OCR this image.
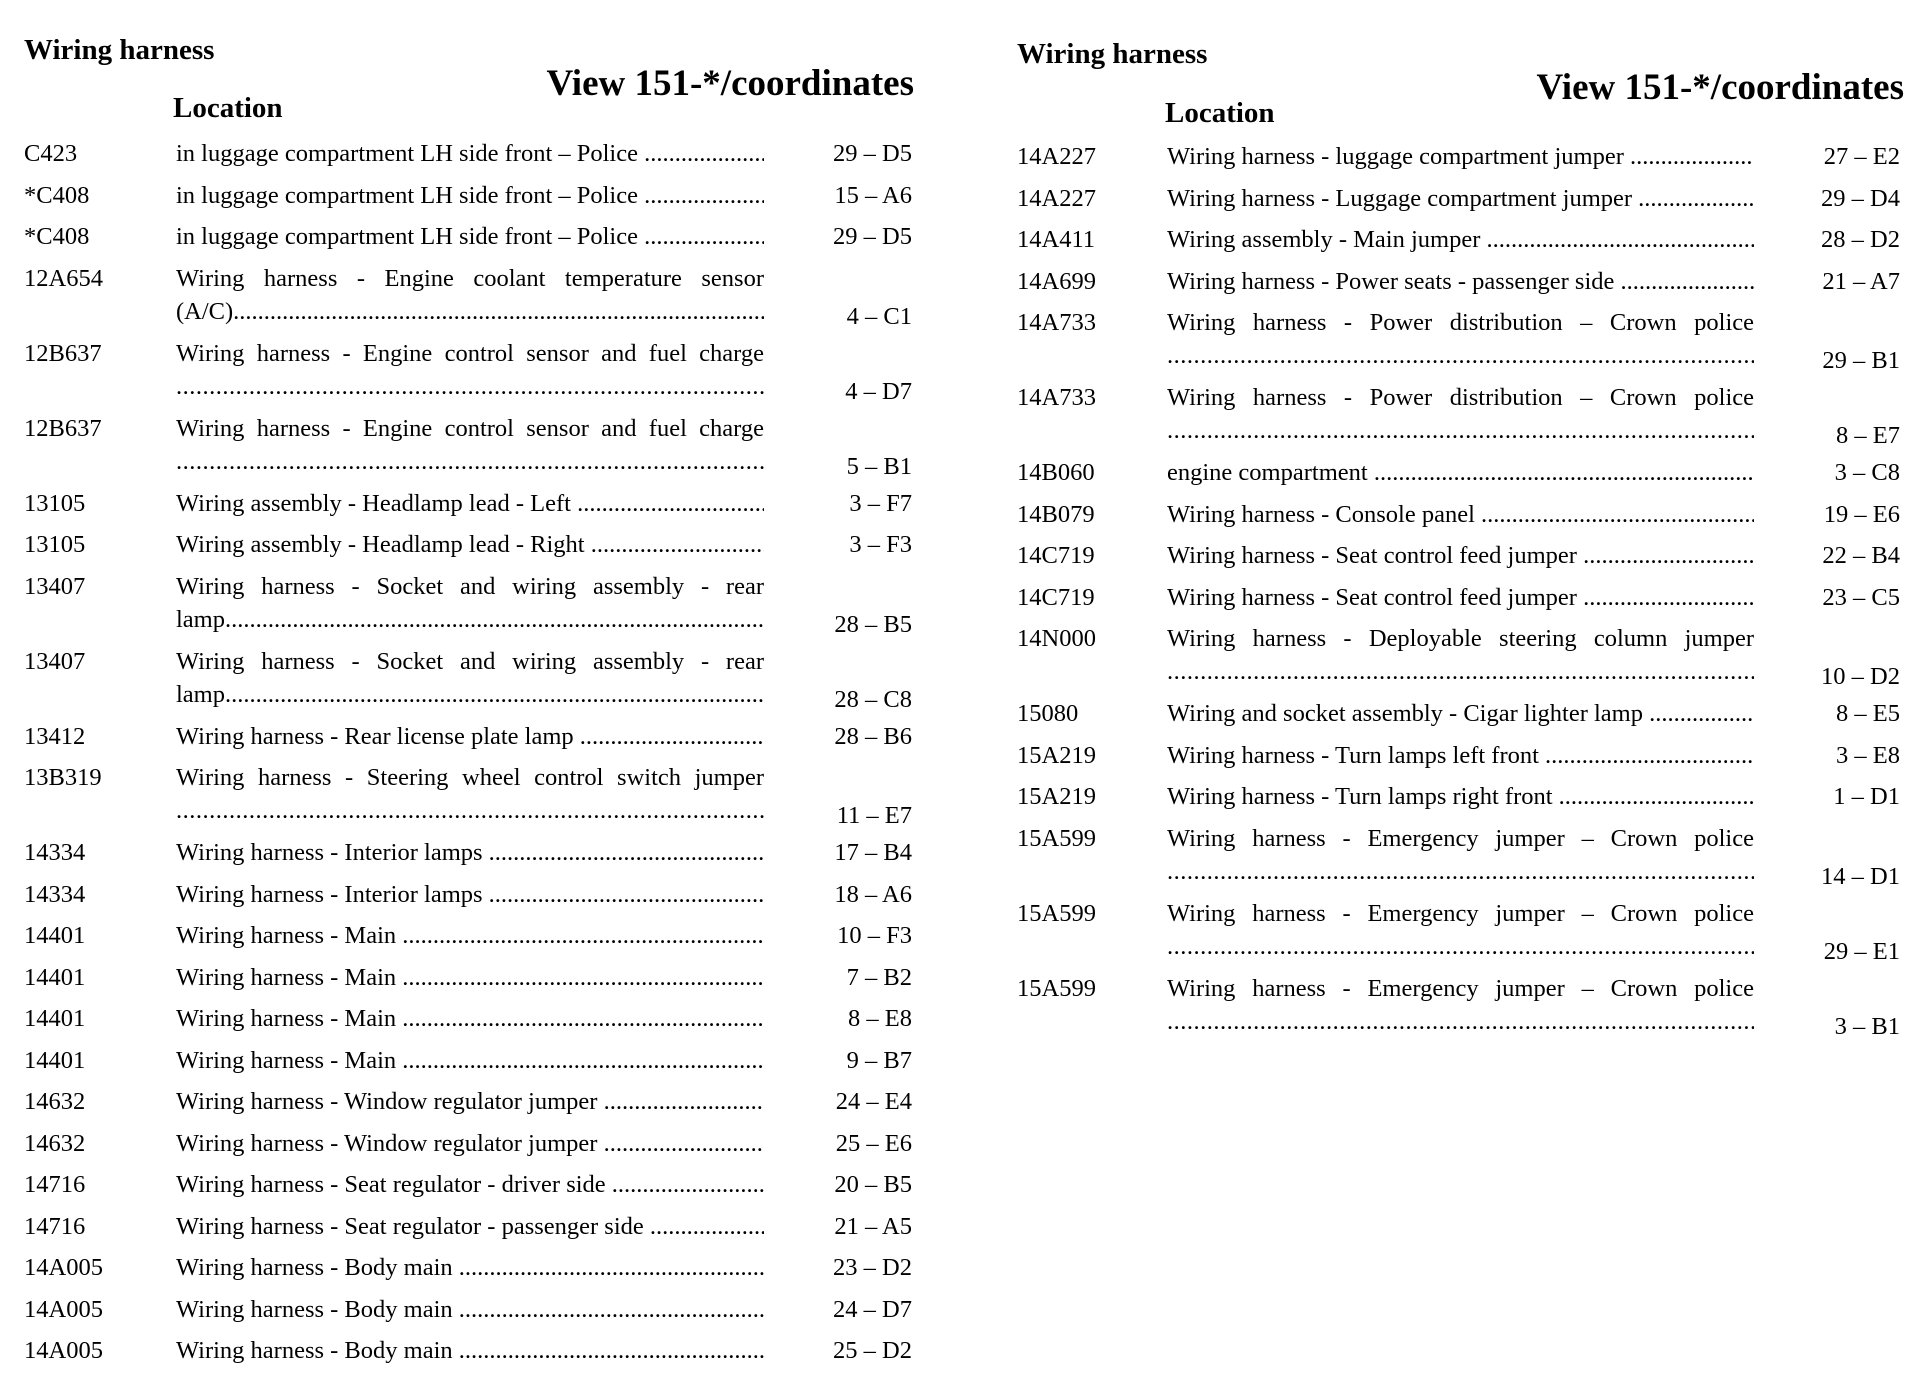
Wiring harness
View 151-*/coordinates
Location
C423	in luggage compartment LH side front – Police .....	29 – D5
*C408	in luggage compartment LH side front – Police .....	15 – A6
*C408	in luggage compartment LH side front – Police .....	29 – D5
12A654	Wiring harness - Engine coolant temperature sensor
(A/C) .....	4 – C1
12B637	Wiring harness - Engine control sensor and fuel charge
.....
4 – D7
12B637	Wiring harness - Engine control sensor and fuel charge
.....
5 – B1
13105	Wiring assembly - Headlamp lead - Left .....	3 – F7
13105	Wiring assembly - Headlamp lead - Right .....	3 – F3
13407	Wiring harness - Socket and wiring assembly - rear
lamp .....	28 – B5
13407	Wiring harness - Socket and wiring assembly - rear
lamp .....	28 – C8
13412	Wiring harness - Rear license plate lamp .....	28 – B6
13B319	Wiring harness - Steering wheel control switch jumper
.....
11 – E7
14334	Wiring harness - Interior lamps .....	17 – B4
14334	Wiring harness - Interior lamps .....	18 – A6
14401	Wiring harness - Main .....	10 – F3
14401	Wiring harness - Main .....	7 – B2
14401	Wiring harness - Main .....	8 – E8
14401	Wiring harness - Main .....	9 – B7
14632	Wiring harness - Window regulator jumper .....	24 – E4
14632	Wiring harness - Window regulator jumper .....	25 – E6
14716	Wiring harness - Seat regulator - driver side .....	20 – B5
14716	Wiring harness - Seat regulator - passenger side .....	21 – A5
14A005	Wiring harness - Body main .....	23 – D2
14A005	Wiring harness - Body main .....	24 – D7
14A005	Wiring harness - Body main .....	25 – D2
Wiring harness
View 151-*/coordinates
Location
14A227	Wiring harness - luggage compartment jumper .....	27 – E2
14A227	Wiring harness - Luggage compartment jumper .....	29 – D4
14A411	Wiring assembly - Main jumper .....	28 – D2
14A699	Wiring harness - Power seats - passenger side .....	21 – A7
14A733	Wiring harness - Power distribution – Crown police
.....
29 – B1
14A733	Wiring harness - Power distribution – Crown police
.....
8 – E7
14B060	engine compartment .....	3 – C8
14B079	Wiring harness - Console panel .....	19 – E6
14C719	Wiring harness - Seat control feed jumper .....	22 – B4
14C719	Wiring harness - Seat control feed jumper .....	23 – C5
14N000	Wiring harness - Deployable steering column jumper
.....
10 – D2
15080	Wiring and socket assembly - Cigar lighter lamp .....	8 – E5
15A219	Wiring harness - Turn lamps left front .....	3 – E8
15A219	Wiring harness - Turn lamps right front .....	1 – D1
15A599	Wiring harness - Emergency jumper – Crown police
.....
14 – D1
15A599	Wiring harness - Emergency jumper – Crown police
.....
29 – E1
15A599	Wiring harness - Emergency jumper – Crown police
.....
3 – B1
